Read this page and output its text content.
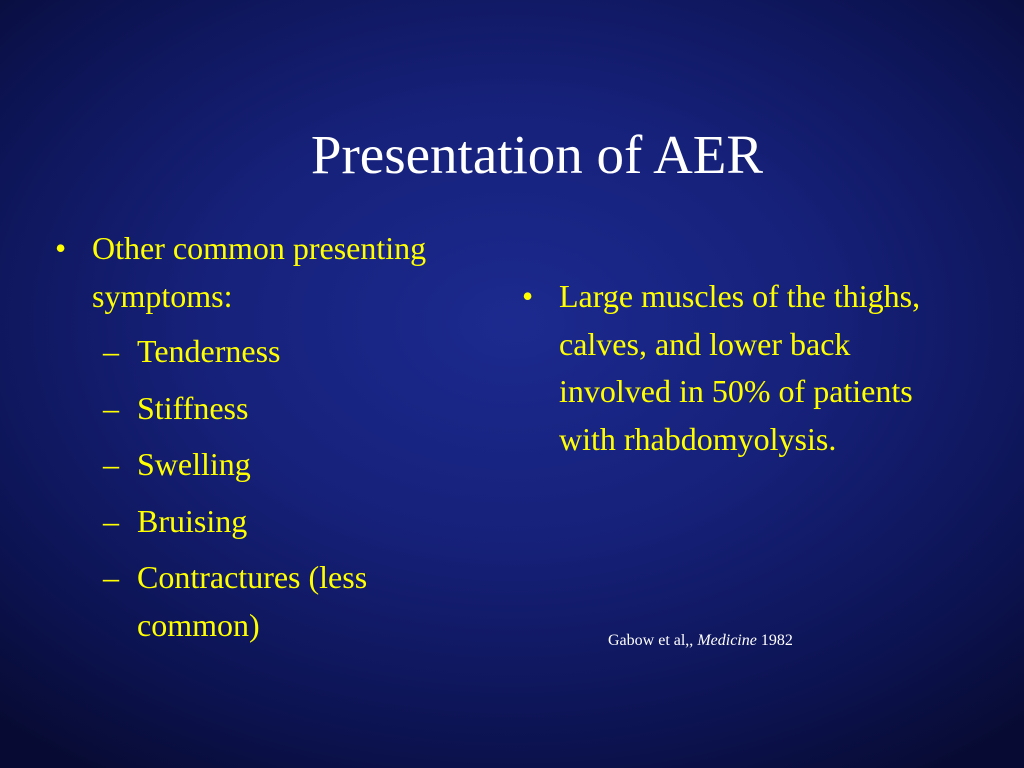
Presentation of AER
• Other common presenting symptoms:
– Tenderness
– Stiffness
– Swelling
– Bruising
– Contractures (less common)
• Large muscles of the thighs, calves, and lower back involved in 50% of patients with rhabdomyolysis.
Gabow et al,, Medicine 1982
